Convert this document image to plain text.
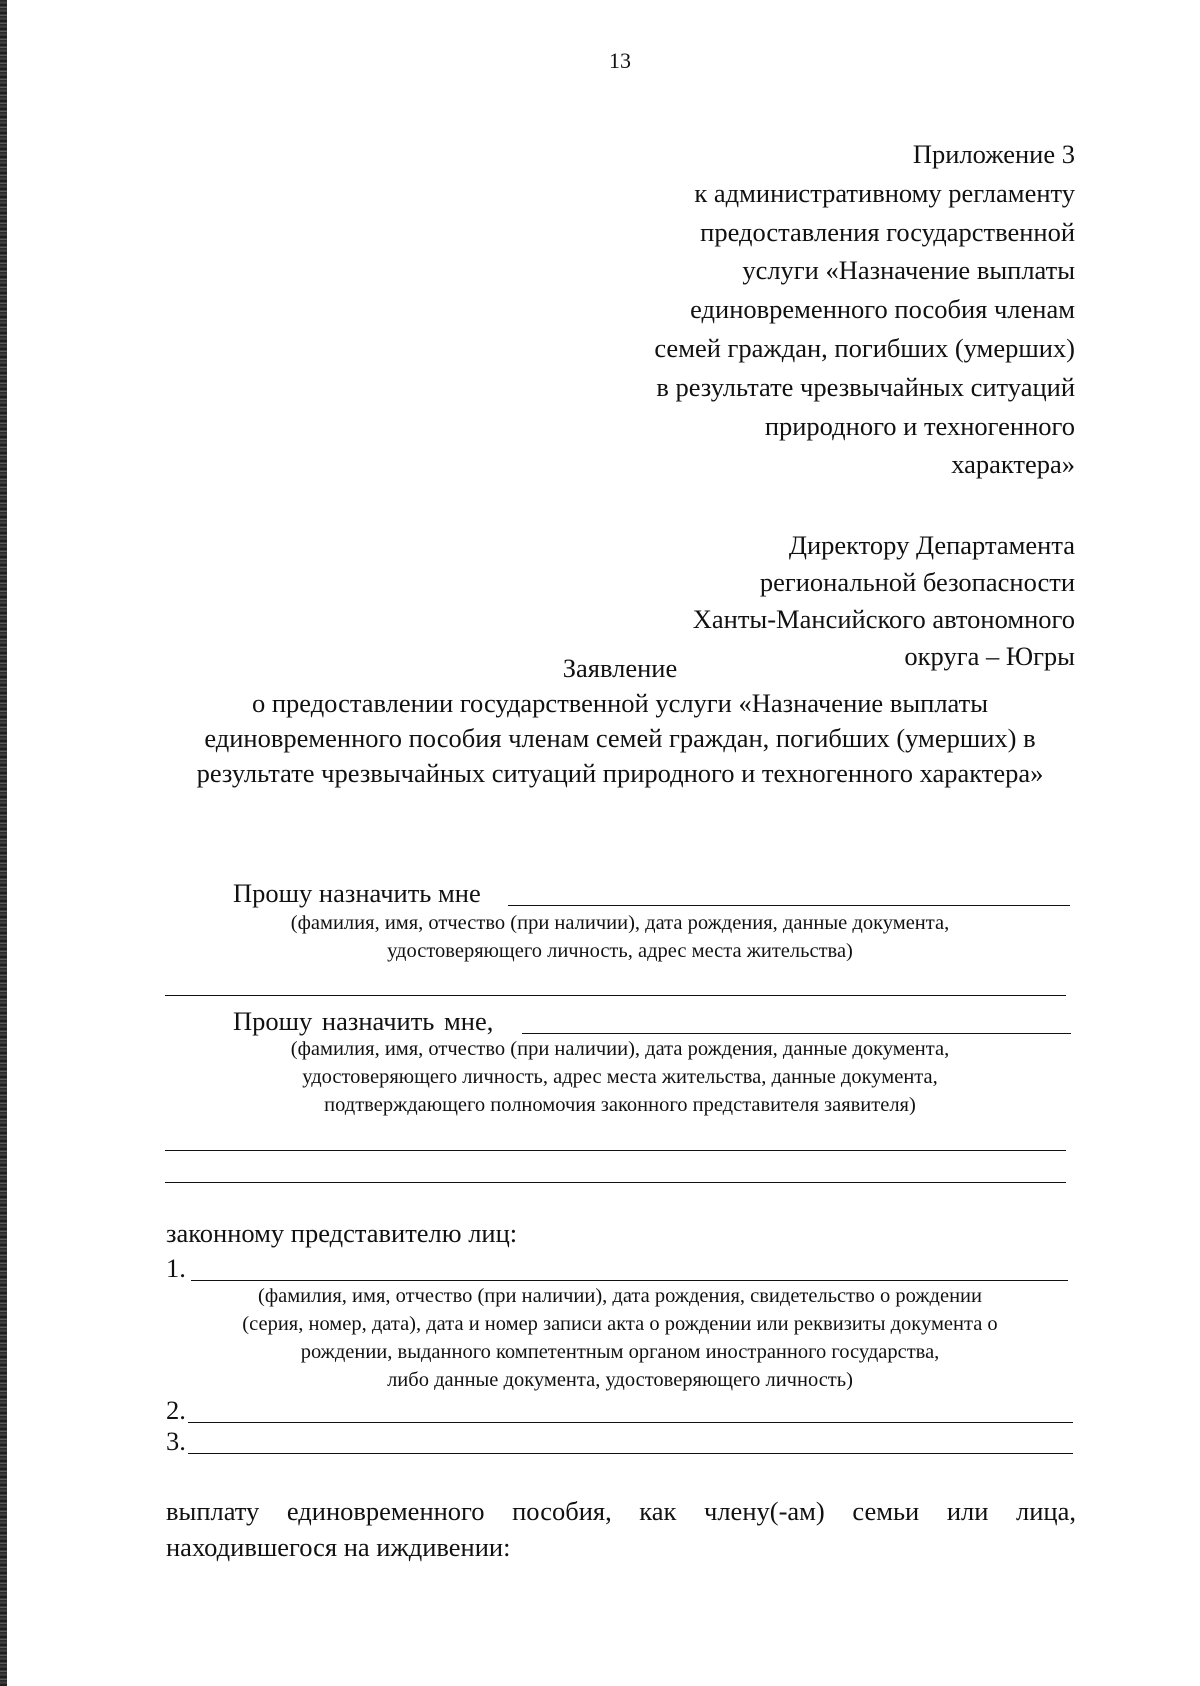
13
Приложение 3
к административному регламенту
предоставления государственной
услуги «Назначение выплаты
единовременного пособия членам
семей граждан, погибших (умерших)
в результате чрезвычайных ситуаций
природного и техногенного
характера»
Директору Департамента
региональной безопасности
Ханты-Мансийского автономного
округа – Югры
Заявление
о предоставлении государственной услуги «Назначение выплаты
единовременного пособия членам семей граждан, погибших (умерших) в
результате чрезвычайных ситуаций природного и техногенного характера»
Прошу назначить мне
(фамилия, имя, отчество (при наличии), дата рождения, данные документа,
удостоверяющего личность, адрес места жительства)
Прошу назначить мне,
(фамилия, имя, отчество (при наличии), дата рождения, данные документа,
удостоверяющего личность, адрес места жительства, данные документа,
подтверждающего полномочия законного представителя заявителя)
законному представителю лиц:
1.
(фамилия, имя, отчество (при наличии), дата рождения, свидетельство о рождении
(серия, номер, дата), дата и номер записи акта о рождении или реквизиты документа о
рождении, выданного компетентным органом иностранного государства,
либо данные документа, удостоверяющего личность)
2.
3.
выплату единовременного пособия, как члену(-ам) семьи или лица,
находившегося на иждивении:
